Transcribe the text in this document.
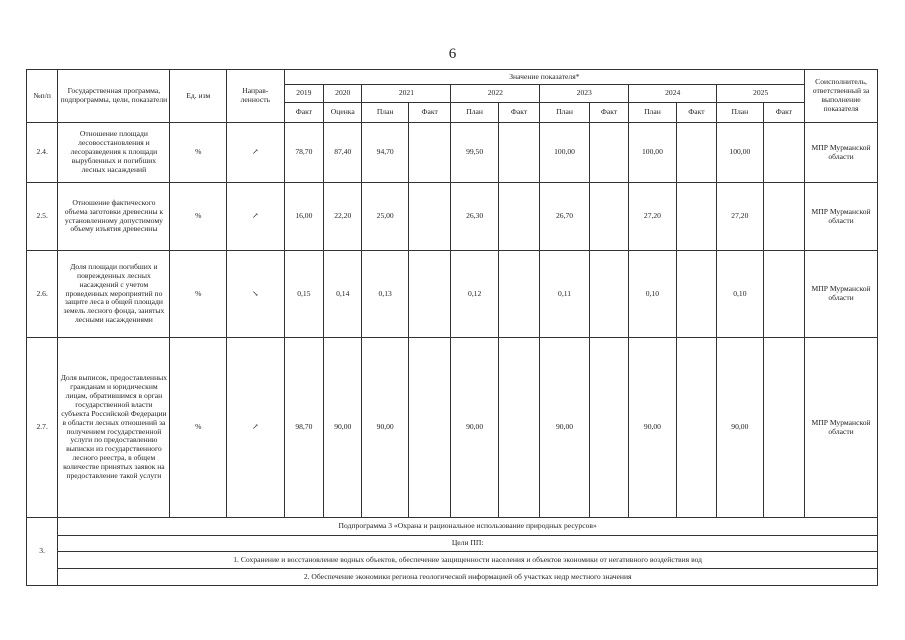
6
№п/п	Государственная программа, подпрограммы, цели, показатели	Ед. изм	Направ-ленность	Значение показателя*												Соисполнитель, ответственный за выполнение показателя
				2019	2020	2021		2022		2023		2024		2025		
				Факт	Оценка	План	Факт	План	Факт	План	Факт	План	Факт	План	Факт	
2.4.	Отношение площади лесовосстановления и лесоразведения к площади вырубленных и погибших лесных насаждений	%	↗	78,70	87,40	94,70		99,50		100,00		100,00		100,00		МПР Мурманской области
2.5.	Отношение фактического объема заготовки древесины к установленному допустимому объему изъятия древесины	%	↗	16,00	22,20	25,00		26,30		26,70		27,20		27,20		МПР Мурманской области
2.6.	Доля площади погибших и поврежденных лесных насаждений с учетом проведенных мероприятий по защите леса в общей площади земель лесного фонда, занятых лесными насаждениями	%	↘	0,15	0,14	0,13		0,12		0,11		0,10		0,10		МПР Мурманской области
2.7.	Доля выписок, предоставленных гражданам и юридическим лицам, обратившимся в орган государственной власти субъекта Российской Федерации в области лесных отношений за получением государственной услуги по предоставлению выписки из государственного лесного реестра, в общем количестве принятых заявок на предоставление такой услуги	%	↗	98,70	90,00	90,00		90,00		90,00		90,00		90,00		МПР Мурманской области
3.	Подпрограмма 3 «Охрана и рациональное использование природных ресурсов»															
	Цели ПП:															
	1. Сохранение и восстановление водных объектов, обеспечение защищенности населения и объектов экономики от негативного воздействия вод															
	2. Обеспечение экономики региона геологической информацией об участках недр местного значения															
